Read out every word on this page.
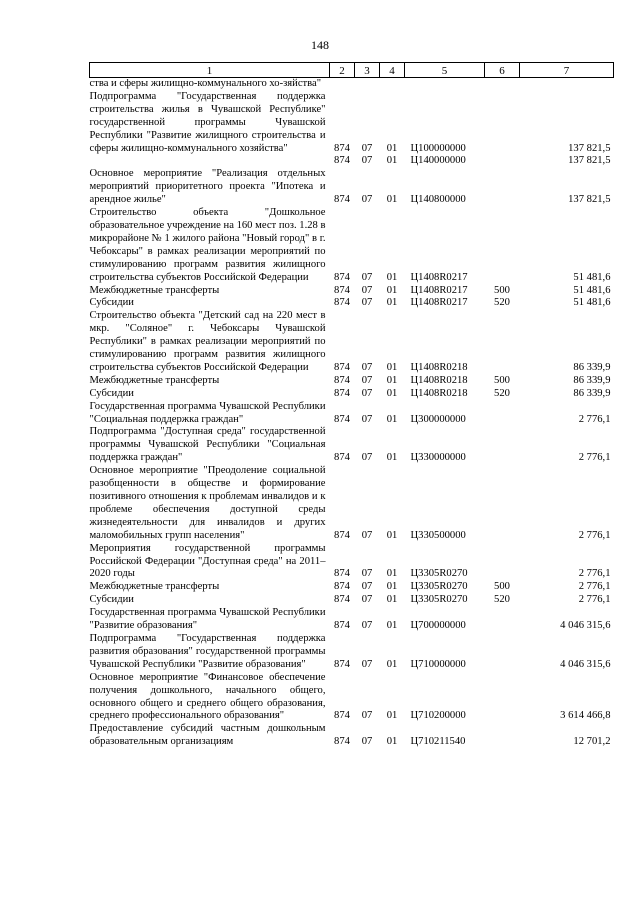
148
1	2	3	4	5	6	7
ства и сферы жилищно-коммунального хо-зяйства"						
Подпрограмма "Государственная поддержка строительства жилья в Чувашской Республике" государственной программы Чувашской Республики "Развитие жилищного строительства и сферы жилищно-коммунального хозяйства"	874	07	01	Ц100000000		137 821,5
	874	07	01	Ц140000000		137 821,5
Основное мероприятие "Реализация отдельных мероприятий приоритетного проекта "Ипотека и арендное жилье"	874	07	01	Ц140800000		137 821,5
Строительство объекта "Дошкольное образовательное учреждение на 160 мест поз. 1.28 в микрорайоне № 1 жилого района "Новый город" в г. Чебоксары" в рамках реализации мероприятий по стимулированию программ развития жилищного строительства субъектов Российской Федерации	874	07	01	Ц1408R0217		51 481,6
Межбюджетные трансферты	874	07	01	Ц1408R0217	500	51 481,6
Субсидии	874	07	01	Ц1408R0217	520	51 481,6
Строительство объекта "Детский сад на 220 мест в мкр. "Соляное" г. Чебоксары Чувашской Республики" в рамках реализации мероприятий по стимулированию программ развития жилищного строительства субъектов Российской Федерации	874	07	01	Ц1408R0218		86 339,9
Межбюджетные трансферты	874	07	01	Ц1408R0218	500	86 339,9
Субсидии	874	07	01	Ц1408R0218	520	86 339,9
Государственная программа Чувашской Республики "Социальная поддержка граждан"	874	07	01	Ц300000000		2 776,1
Подпрограмма "Доступная среда" государственной программы Чувашской Республики "Социальная поддержка граждан"	874	07	01	Ц330000000		2 776,1
Основное мероприятие "Преодоление социальной разобщенности в обществе и формирование позитивного отношения к проблемам инвалидов и к проблеме обеспечения доступной среды жизнедеятельности для инвалидов и других маломобильных групп населения"	874	07	01	Ц330500000		2 776,1
Мероприятия государственной программы Российской Федерации "Доступная среда" на 2011–2020 годы	874	07	01	Ц3305R0270		2 776,1
Межбюджетные трансферты	874	07	01	Ц3305R0270	500	2 776,1
Субсидии	874	07	01	Ц3305R0270	520	2 776,1
Государственная программа Чувашской Республики "Развитие образования"	874	07	01	Ц700000000		4 046 315,6
Подпрограмма "Государственная поддержка развития образования" государственной программы Чувашской Республики "Развитие образования"	874	07	01	Ц710000000		4 046 315,6
Основное мероприятие "Финансовое обеспечение получения дошкольного, начального общего, основного общего и среднего общего образования, среднего профессионального образования"	874	07	01	Ц710200000		3 614 466,8
Предоставление субсидий частным дошкольным образовательным организациям	874	07	01	Ц710211540		12 701,2
